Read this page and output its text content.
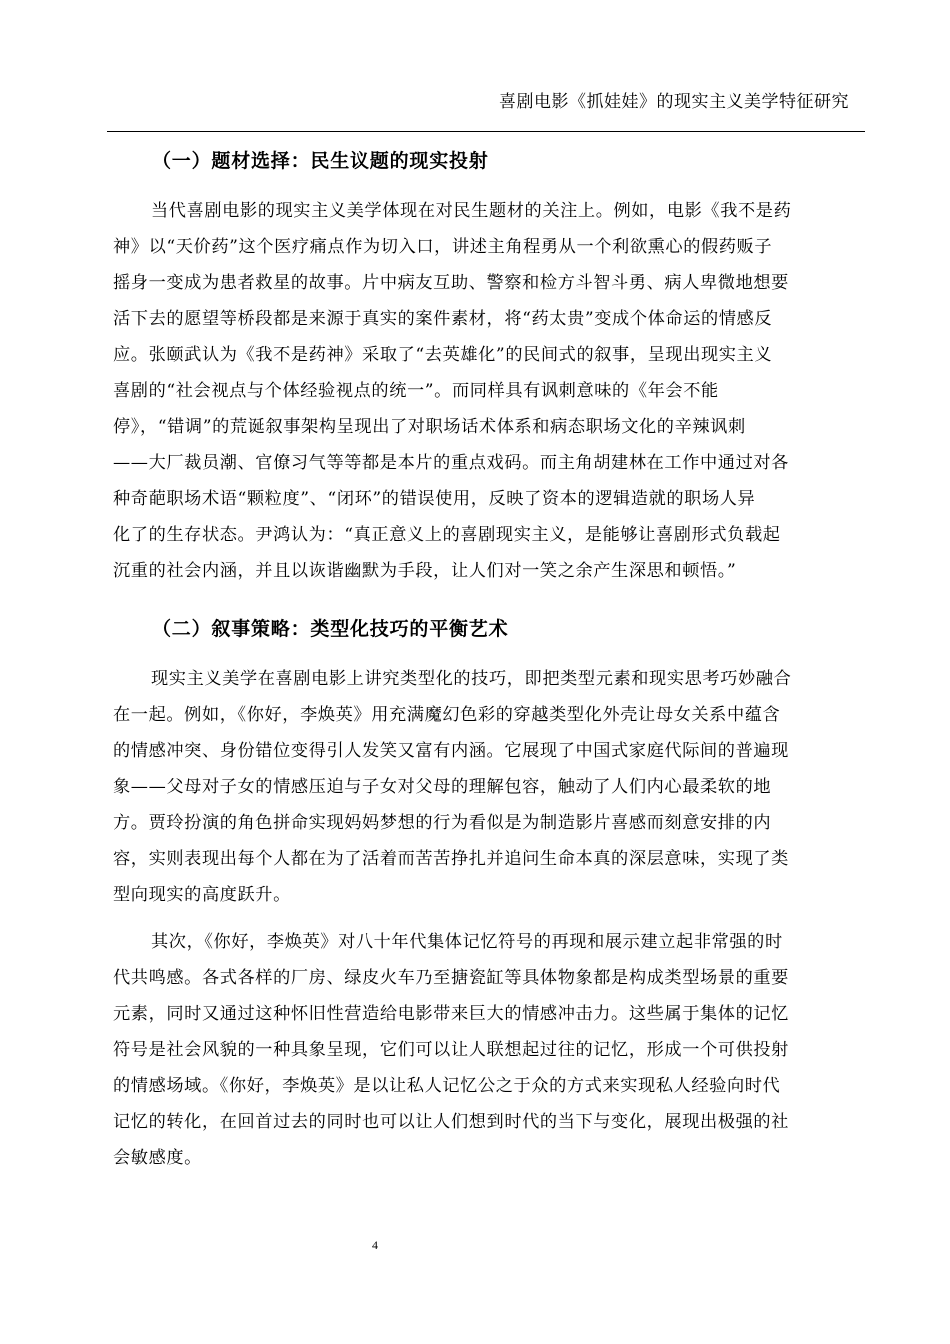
喜剧电影《抓娃娃》的现实主义美学特征研究
（一）题材选择：民生议题的现实投射
当代喜剧电影的现实主义美学体现在对民生题材的关注上。例如，电影《我不是药
神》以“天价药”这个医疗痛点作为切入口，讲述主角程勇从一个利欲熏心的假药贩子
摇身一变成为患者救星的故事。片中病友互助、警察和检方斗智斗勇、病人卑微地想要
活下去的愿望等桥段都是来源于真实的案件素材，将“药太贵”变成个体命运的情感反
应。张颐武认为《我不是药神》采取了“去英雄化”的民间式的叙事，呈现出现实主义
喜剧的“社会视点与个体经验视点的统一”。而同样具有讽刺意味的《年会不能
停》，“错调”的荒诞叙事架构呈现出了对职场话术体系和病态职场文化的辛辣讽刺
——大厂裁员潮、官僚习气等等都是本片的重点戏码。而主角胡建林在工作中通过对各
种奇葩职场术语“颗粒度”、“闭环”的错误使用，反映了资本的逻辑造就的职场人异
化了的生存状态。尹鸿认为：“真正意义上的喜剧现实主义，是能够让喜剧形式负载起
沉重的社会内涵，并且以诙谐幽默为手段，让人们对一笑之余产生深思和顿悟。”
（二）叙事策略：类型化技巧的平衡艺术
现实主义美学在喜剧电影上讲究类型化的技巧，即把类型元素和现实思考巧妙融合
在一起。例如，《你好，李焕英》用充满魔幻色彩的穿越类型化外壳让母女关系中蕴含
的情感冲突、身份错位变得引人发笑又富有内涵。它展现了中国式家庭代际间的普遍现
象——父母对子女的情感压迫与子女对父母的理解包容，触动了人们内心最柔软的地
方。贾玲扮演的角色拼命实现妈妈梦想的行为看似是为制造影片喜感而刻意安排的内
容，实则表现出每个人都在为了活着而苦苦挣扎并追问生命本真的深层意味，实现了类
型向现实的高度跃升。
其次，《你好，李焕英》对八十年代集体记忆符号的再现和展示建立起非常强的时
代共鸣感。各式各样的厂房、绿皮火车乃至搪瓷缸等具体物象都是构成类型场景的重要
元素，同时又通过这种怀旧性营造给电影带来巨大的情感冲击力。这些属于集体的记忆
符号是社会风貌的一种具象呈现，它们可以让人联想起过往的记忆，形成一个可供投射
的情感场域。《你好，李焕英》是以让私人记忆公之于众的方式来实现私人经验向时代
记忆的转化，在回首过去的同时也可以让人们想到时代的当下与变化，展现出极强的社
会敏感度。
4
